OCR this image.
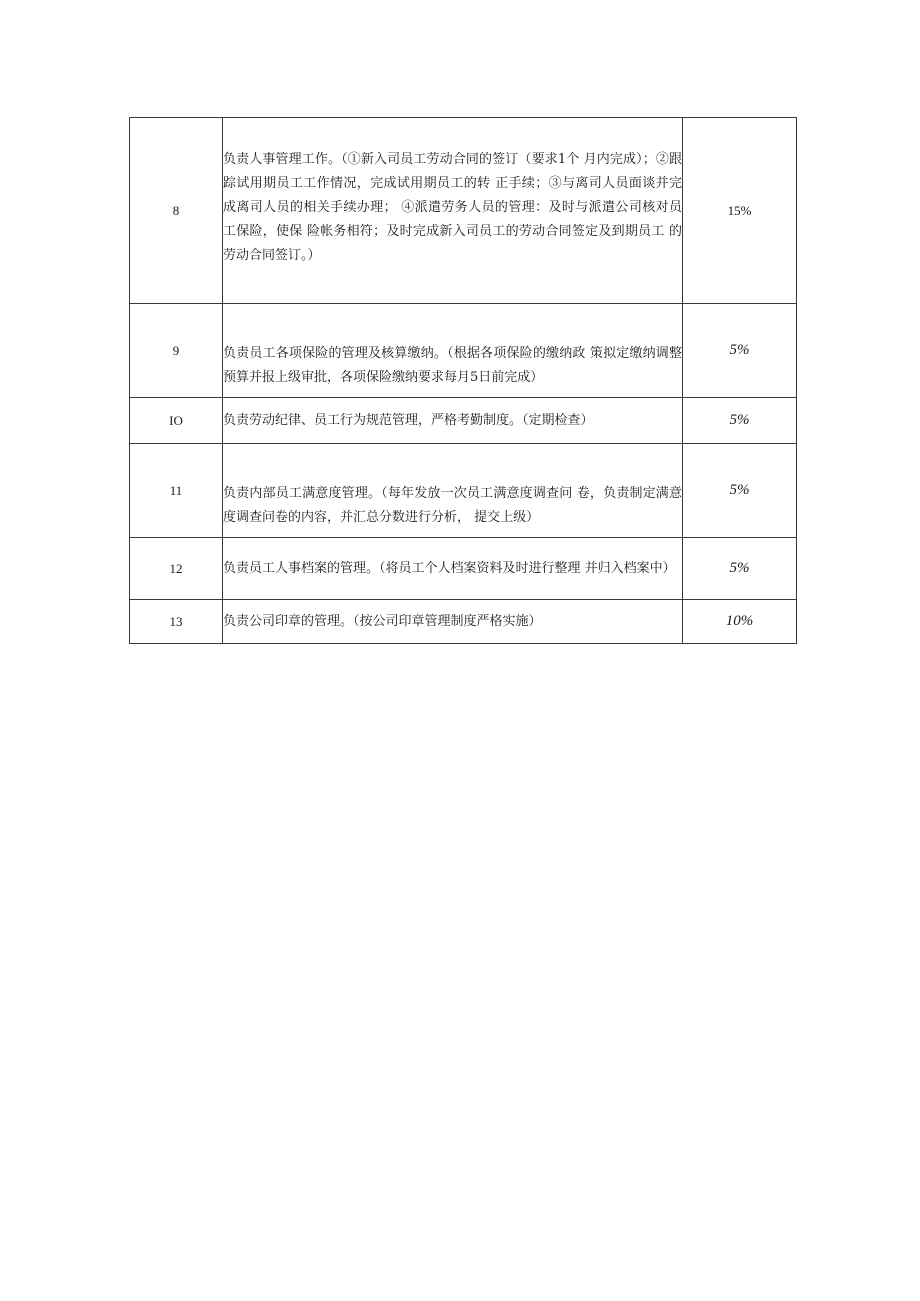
8	负责人事管理工作。（①新入司员工劳动合同的签订（要求1个 月内完成）；②跟踪试用期员工工作情况，完成试用期员工的转 正手续；③与离司人员面谈并完成离司人员的相关手续办理； ④派遣劳务人员的管理：及时与派遣公司核对员工保险，使保 险帐务相符；及时完成新入司员工的劳动合同签定及到期员工 的劳动合同签订。）	15%
9	负责员工各项保险的管理及核算缴纳。（根据各项保险的缴纳政 策拟定缴纳调整预算并报上级审批，各项保险缴纳要求每月5日前完成）	5%
IO	负责劳动纪律、员工行为规范管理，严格考勤制度。（定期检查）	5%
11	负责内部员工满意度管理。（每年发放一次员工满意度调查问 卷，负责制定满意度调查问卷的内容，并汇总分数进行分析， 提交上级）	5%
12	负责员工人事档案的管理。（将员工个人档案资料及时进行整理 并归入档案中）	5%
13	负责公司印章的管理。（按公司印章管理制度严格实施）	10%
